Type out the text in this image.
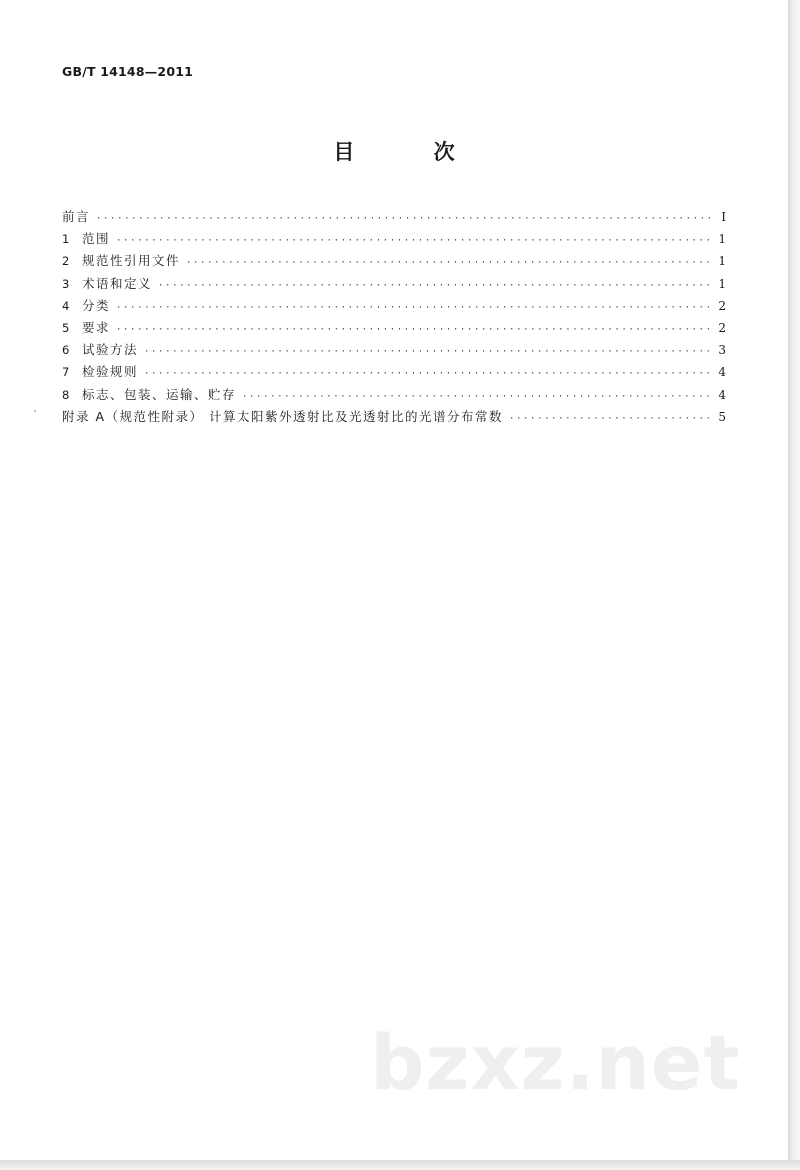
GB/T 14148—2011
目 次
前言 ·····	Ⅰ
1	范围 ·····	1
2	规范性引用文件 ·····	1
3	术语和定义 ·····	1
4	分类 ·····	2
5	要求 ·····	2
6	试验方法 ·····	3
7	检验规则 ·····	4
8	标志、包装、运输、贮存 ·····	4
附录 A（规范性附录） 计算太阳紫外透射比及光透射比的光谱分布常数 ·····	5
bzxz.net
